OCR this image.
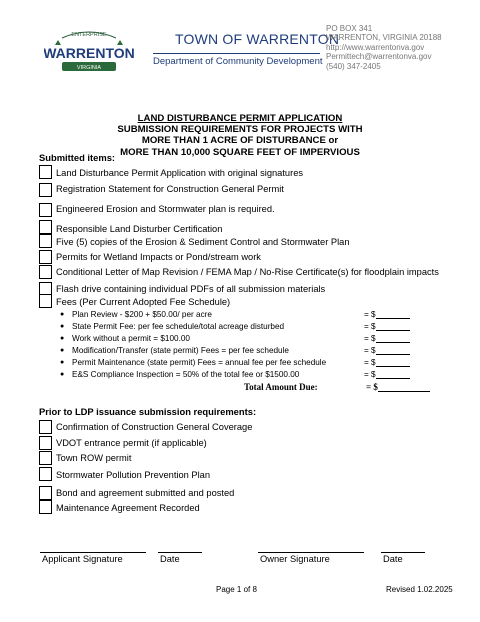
ENTERPRISE
WARRENTON
VIRGINIA
TOWN OF WARRENTON
Department of Community Development
PO BOX 341
WARRENTON, VIRGINIA 20188
http://www.warrentonva.gov
Permittech@warrentonva.gov
(540) 347-2405
LAND DISTURBANCE PERMIT APPLICATION
SUBMISSION REQUIREMENTS FOR PROJECTS WITH
MORE THAN 1 ACRE OF DISTURBANCE or
MORE THAN 10,000 SQUARE FEET OF IMPERVIOUS
Submitted items:
Land Disturbance Permit Application with original signatures
Registration Statement for Construction General Permit
Engineered Erosion and Stormwater plan is required.
Responsible Land Disturber Certification
Five (5) copies of the Erosion & Sediment Control and Stormwater Plan
Permits for Wetland Impacts or Pond/stream work
Conditional Letter of Map Revision / FEMA Map / No-Rise Certificate(s) for floodplain impacts
Flash drive containing individual PDFs of all submission materials
Fees (Per Current Adopted Fee Schedule)
● Plan Review - $200 + $50.00/ per acre	= $
● State Permit Fee: per fee schedule/total acreage disturbed	= $
● Work without a permit = $100.00	= $
● Modification/Transfer (state permit) Fees = per fee schedule	= $
● Permit Maintenance (state permit) Fees = annual fee per fee schedule	= $
● E&S Compliance Inspection = 50% of the total fee or $1500.00	= $
Total Amount Due:	= $
Prior to LDP issuance submission requirements:
Confirmation of Construction General Coverage
VDOT entrance permit (if applicable)
Town ROW permit
Stormwater Pollution Prevention Plan
Bond and agreement submitted and posted
Maintenance Agreement Recorded
Applicant Signature	Date	Owner Signature	Date
Page 1 of 8	Revised 1.02.2025
